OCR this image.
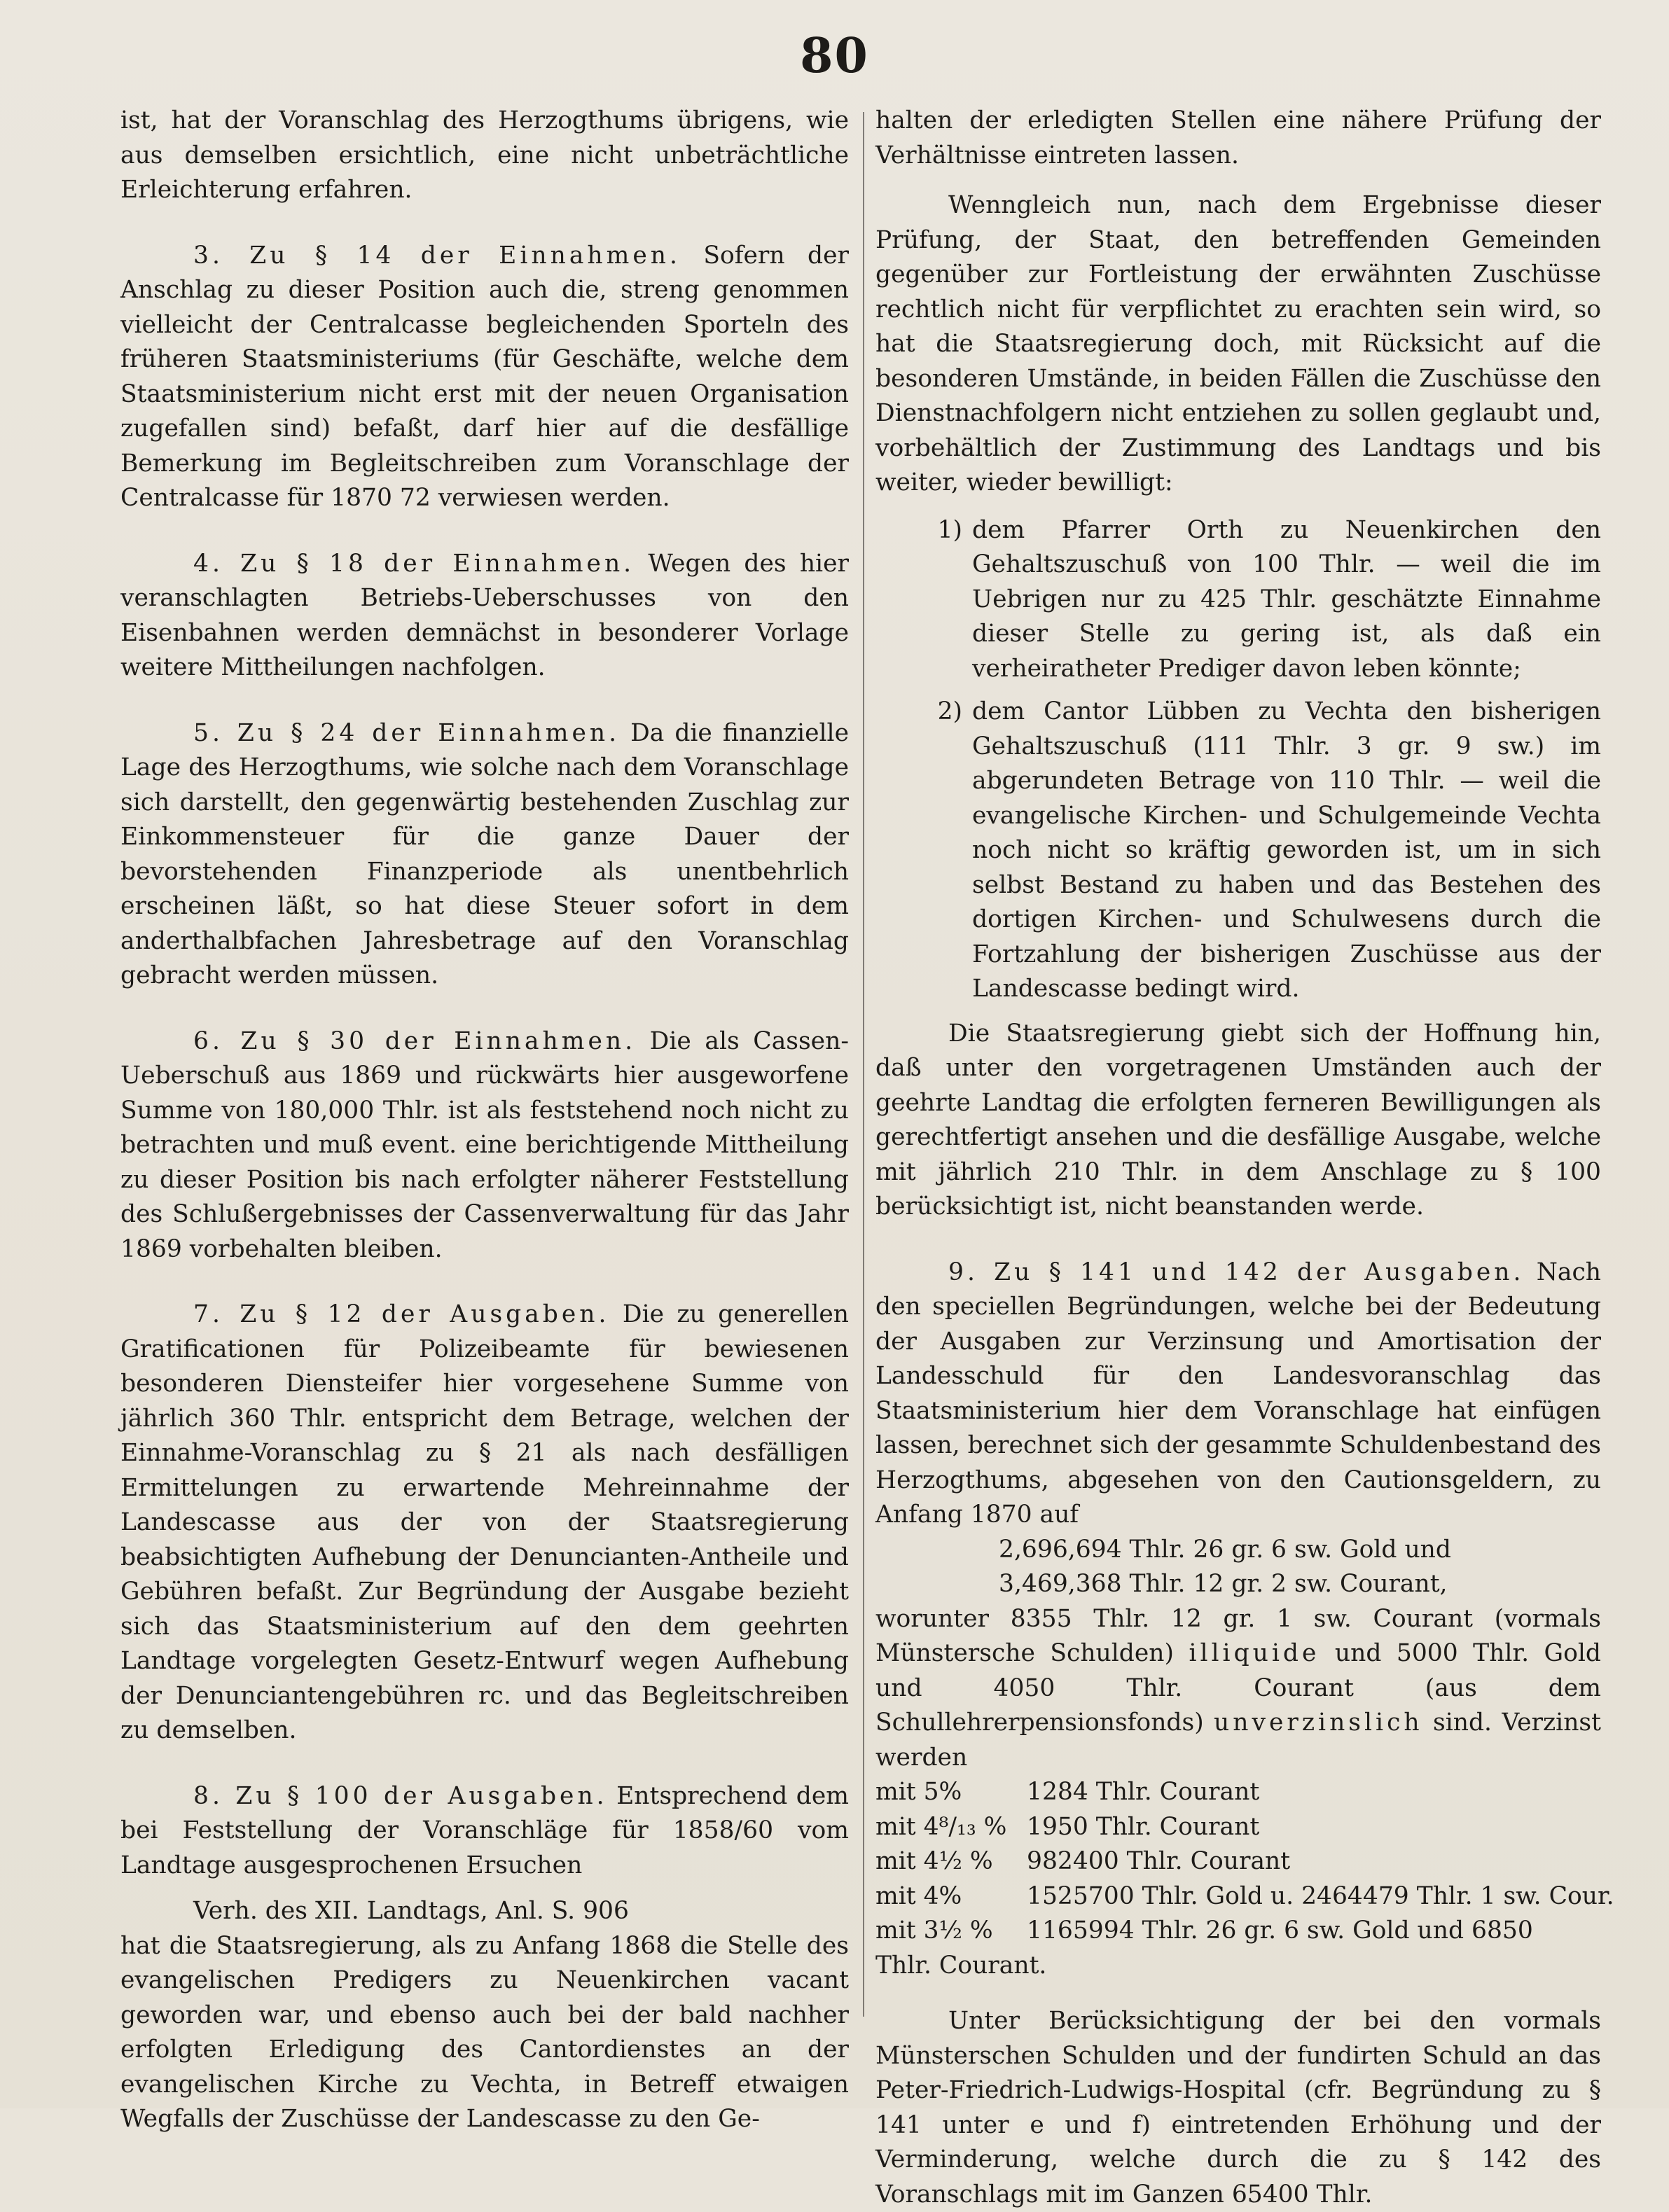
80

ist, hat der Voranschlag des Herzogthums übrigens, wie aus demselben ersichtlich, eine nicht unbeträchtliche Erleichterung erfahren.

3. Zu § 14 der Einnahmen. Sofern der Anschlag zu dieser Position auch die, streng genommen vielleicht der Centralcasse begleichenden Sporteln des früheren Staatsministeriums (für Geschäfte, welche dem Staatsministerium nicht erst mit der neuen Organisation zugefallen sind) befaßt, darf hier auf die desfällige Bemerkung im Begleitschreiben zum Voranschlage der Centralcasse für 1870 72 verwiesen werden.

4. Zu § 18 der Einnahmen. Wegen des hier veranschlagten Betriebs-Ueberschusses von den Eisenbahnen werden demnächst in besonderer Vorlage weitere Mittheilungen nachfolgen.

5. Zu § 24 der Einnahmen. Da die finanzielle Lage des Herzogthums, wie solche nach dem Voranschlage sich darstellt, den gegenwärtig bestehenden Zuschlag zur Einkommensteuer für die ganze Dauer der bevorstehenden Finanzperiode als unentbehrlich erscheinen läßt, so hat diese Steuer sofort in dem anderthalbfachen Jahresbetrage auf den Voranschlag gebracht werden müssen.

6. Zu § 30 der Einnahmen. Die als Cassen-Ueberschuß aus 1869 und rückwärts hier ausgeworfene Summe von 180,000 Thlr. ist als feststehend noch nicht zu betrachten und muß event. eine berichtigende Mittheilung zu dieser Position bis nach erfolgter näherer Feststellung des Schlußergebnisses der Cassenverwaltung für das Jahr 1869 vorbehalten bleiben.

7. Zu § 12 der Ausgaben. Die zu generellen Gratificationen für Polizeibeamte für bewiesenen besonderen Diensteifer hier vorgesehene Summe von jährlich 360 Thlr. entspricht dem Betrage, welchen der Einnahme-Voranschlag zu § 21 als nach desfälligen Ermittelungen zu erwartende Mehreinnahme der Landescasse aus der von der Staatsregierung beabsichtigten Aufhebung der Denuncianten-Antheile und Gebühren befaßt. Zur Begründung der Ausgabe bezieht sich das Staatsministerium auf den dem geehrten Landtage vorgelegten Gesetz-Entwurf wegen Aufhebung der Denunciantengebühren rc. und das Begleitschreiben zu demselben.

8. Zu § 100 der Ausgaben. Entsprechend dem bei Feststellung der Voranschläge für 1858/60 vom Landtage ausgesprochenen Ersuchen

Verh. des XII. Landtags, Anl. S. 906

hat die Staatsregierung, als zu Anfang 1868 die Stelle des evangelischen Predigers zu Neuenkirchen vacant geworden war, und ebenso auch bei der bald nachher erfolgten Erledigung des Cantordienstes an der evangelischen Kirche zu Vechta, in Betreff etwaigen Wegfalls der Zuschüsse der Landescasse zu den Ge-

halten der erledigten Stellen eine nähere Prüfung der Verhältnisse eintreten lassen.

Wenngleich nun, nach dem Ergebnisse dieser Prüfung, der Staat, den betreffenden Gemeinden gegenüber zur Fortleistung der erwähnten Zuschüsse rechtlich nicht für verpflichtet zu erachten sein wird, so hat die Staatsregierung doch, mit Rücksicht auf die besonderen Umstände, in beiden Fällen die Zuschüsse den Dienstnachfolgern nicht entziehen zu sollen geglaubt und, vorbehältlich der Zustimmung des Landtags und bis weiter, wieder bewilligt:

1) dem Pfarrer Orth zu Neuenkirchen den Gehaltszuschuß von 100 Thlr. — weil die im Uebrigen nur zu 425 Thlr. geschätzte Einnahme dieser Stelle zu gering ist, als daß ein verheiratheter Prediger davon leben könnte;
2) dem Cantor Lübben zu Vechta den bisherigen Gehaltszuschuß (111 Thlr. 3 gr. 9 sw.) im abgerundeten Betrage von 110 Thlr. — weil die evangelische Kirchen- und Schulgemeinde Vechta noch nicht so kräftig geworden ist, um in sich selbst Bestand zu haben und das Bestehen des dortigen Kirchen- und Schulwesens durch die Fortzahlung der bisherigen Zuschüsse aus der Landescasse bedingt wird.

Die Staatsregierung giebt sich der Hoffnung hin, daß unter den vorgetragenen Umständen auch der geehrte Landtag die erfolgten ferneren Bewilligungen als gerechtfertigt ansehen und die desfällige Ausgabe, welche mit jährlich 210 Thlr. in dem Anschlage zu § 100 berücksichtigt ist, nicht beanstanden werde.

9. Zu § 141 und 142 der Ausgaben. Nach den speciellen Begründungen, welche bei der Bedeutung der Ausgaben zur Verzinsung und Amortisation der Landesschuld für den Landesvoranschlag das Staatsministerium hier dem Voranschlage hat einfügen lassen, berechnet sich der gesammte Schuldenbestand des Herzogthums, abgesehen von den Cautionsgeldern, zu Anfang 1870 auf

2,696,694 Thlr. 26 gr. 6 sw. Gold und

3,469,368 Thlr. 12 gr. 2 sw. Courant,

worunter 8355 Thlr. 12 gr. 1 sw. Courant (vormals Münstersche Schulden) illiquide und 5000 Thlr. Gold und 4050 Thlr. Courant (aus dem Schullehrerpensionsfonds) unverzinslich sind. Verzinst werden

mit 5%	1284 Thlr. Courant
mit 4⁸/₁₃ % 1950 Thlr. Courant
mit 4½ %	982400 Thlr. Courant
mit 4%	1525700 Thlr. Gold u. 2464479 Thlr. 1 sw. Cour.
mit 3½ %	1165994 Thlr. 26 gr. 6 sw. Gold und 6850

Thlr. Courant.

Unter Berücksichtigung der bei den vormals Münsterschen Schulden und der fundirten Schuld an das Peter-Friedrich-Ludwigs-Hospital (cfr. Begründung zu § 141 unter e und f) eintretenden Erhöhung und der Verminderung, welche durch die zu § 142 des Voranschlags mit im Ganzen 65400 Thlr.
